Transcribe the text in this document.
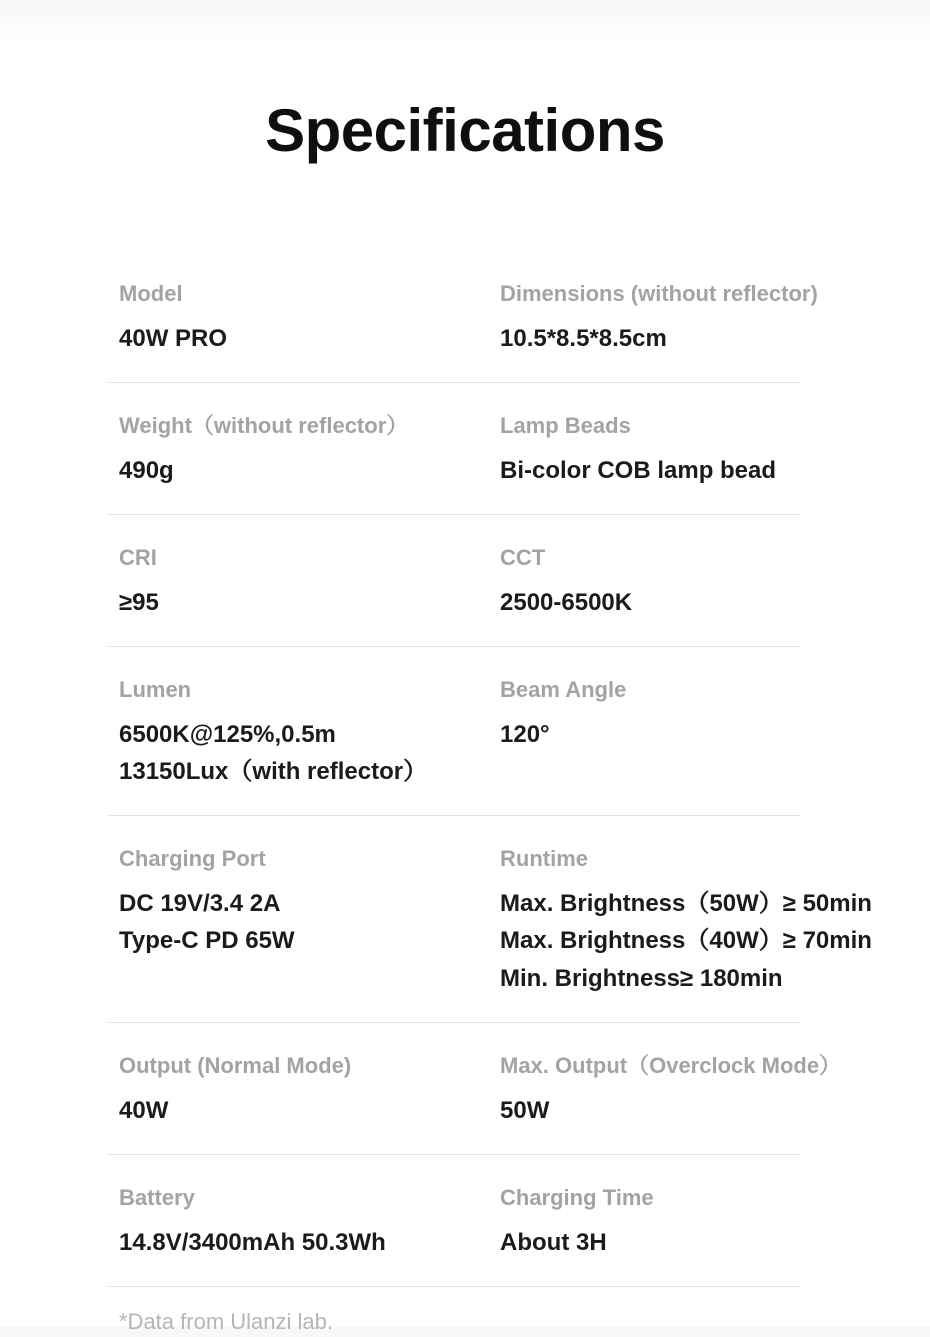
Specifications
Model
40W PRO
Dimensions (without reflector)
10.5*8.5*8.5cm
Weight（without reflector）
490g
Lamp Beads
Bi-color COB lamp bead
CRI
≥95
CCT
2500-6500K
Lumen
6500K@125%,0.5m
13150Lux（with reflector）
Beam Angle
120°
Charging Port
DC 19V/3.4 2A
Type-C PD 65W
Runtime
Max. Brightness（50W）≥ 50min
Max. Brightness（40W）≥ 70min
Min. Brightness≥ 180min
Output (Normal Mode)
40W
Max. Output（Overclock Mode）
50W
Battery
14.8V/3400mAh 50.3Wh
Charging Time
About 3H
*Data from Ulanzi lab.
